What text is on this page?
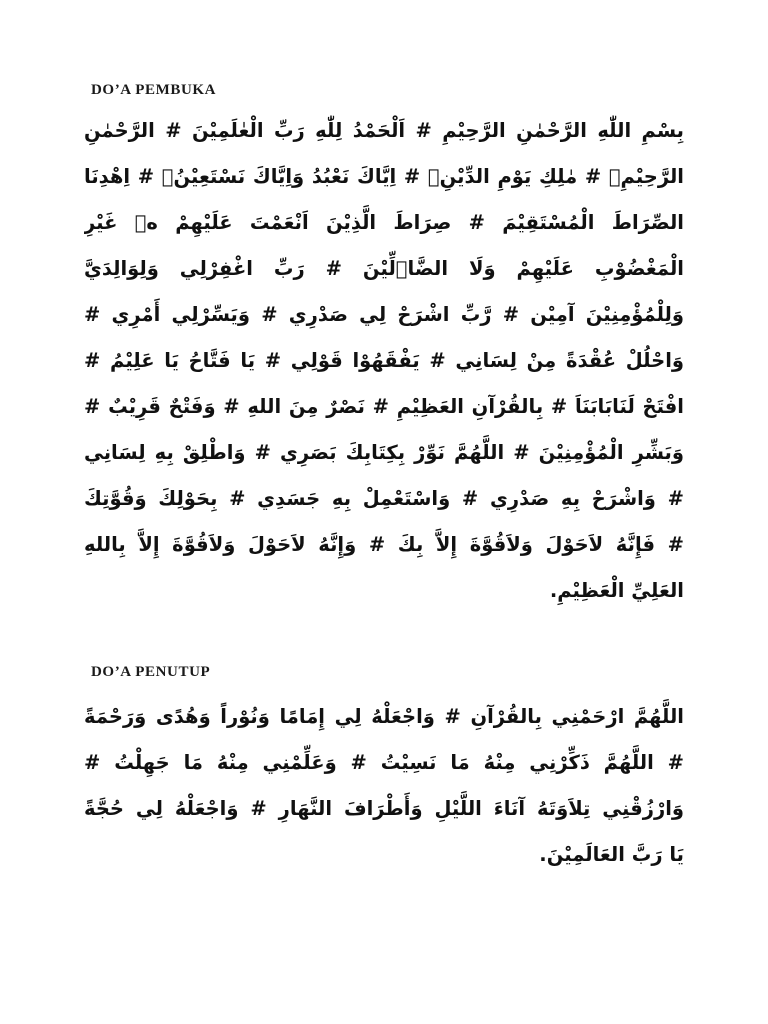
DO’A PEMBUKA
بِسْمِ اللّٰهِ الرَّحْمٰنِ الرَّحِيْمِ # اَلْحَمْدُ لِلّٰهِ رَبِّ الْعٰلَمِيْنَ # الرَّحْمٰنِ
الرَّحِيْمِۙ # مٰلِكِ يَوْمِ الدِّيْنِۗ # اِيَّاكَ نَعْبُدُ وَاِيَّاكَ نَسْتَعِيْنُۗ # اِهْدِنَا
الصِّرَاطَ الْمُسْتَقِيْمَ # صِرَاطَ الَّذِيْنَ اَنْعَمْتَ عَلَيْهِمْ ەۙ غَيْرِ
الْمَغْضُوْبِ عَلَيْهِمْ وَلَا الضَّاۤلِّيْنَ # رَبِّ اغْفِرْلِي وَلِوَالِدَيَّ
وَلِلْمُؤْمِنِيْنَ آمِيْن # رَّبِّ اشْرَحْ لِي صَدْرِي # وَيَسِّرْلِي أَمْرِي #
وَاحْلُلْ عُقْدَةً مِنْ لِسَانِي # يَفْقَهُوْا قَوْلِي # يَا فَتَّاحُ يَا عَلِيْمُ #
افْتَحْ لَنَابَابَنَاَ # بِالقُرْآنِ العَظِيْمِ # نَصْرٌ مِنَ اللهِ # وَفَتْحٌ قَرِيْبٌ #
وَبَشِّرِ الْمُؤْمِنِيْنَ # اللَّهُمَّ نَوِّرْ بِكِتَابِكَ بَصَرِي # وَاطْلِقْ بِهِ لِسَانِي
# وَاشْرَحْ بِهِ صَدْرِي # وَاسْتَعْمِلْ بِهِ جَسَدِي # بِحَوْلِكَ وَقُوَّتِكَ
# فَإِنَّهُ لاَحَوْلَ وَلاَقُوَّةَ إِلاَّ بِكَ # وَإِنَّهُ لاَحَوْلَ وَلاَقُوَّةَ إِلاَّ بِاللهِ
العَلِيِّ الْعَظِيْمِ.
DO’A PENUTUP
اللَّهُمَّ ارْحَمْنِي بِالقُرْآنِ # وَاجْعَلْهُ لِي إِمَامًا وَنُوْراً وَهُدًى وَرَحْمَةً
# اللَّهُمَّ ذَكِّرْنِي مِنْهُ مَا نَسِيْتُ # وَعَلِّمْنِي مِنْهُ مَا جَهِلْتُ #
وَارْزُقْنِي تِلاَوَتَهُ آنَاءَ اللَّيْلِ وَأَطْرَافَ النَّهَارِ # وَاجْعَلْهُ لِي حُجَّةً
يَا رَبَّ العَالَمِيْنَ.
